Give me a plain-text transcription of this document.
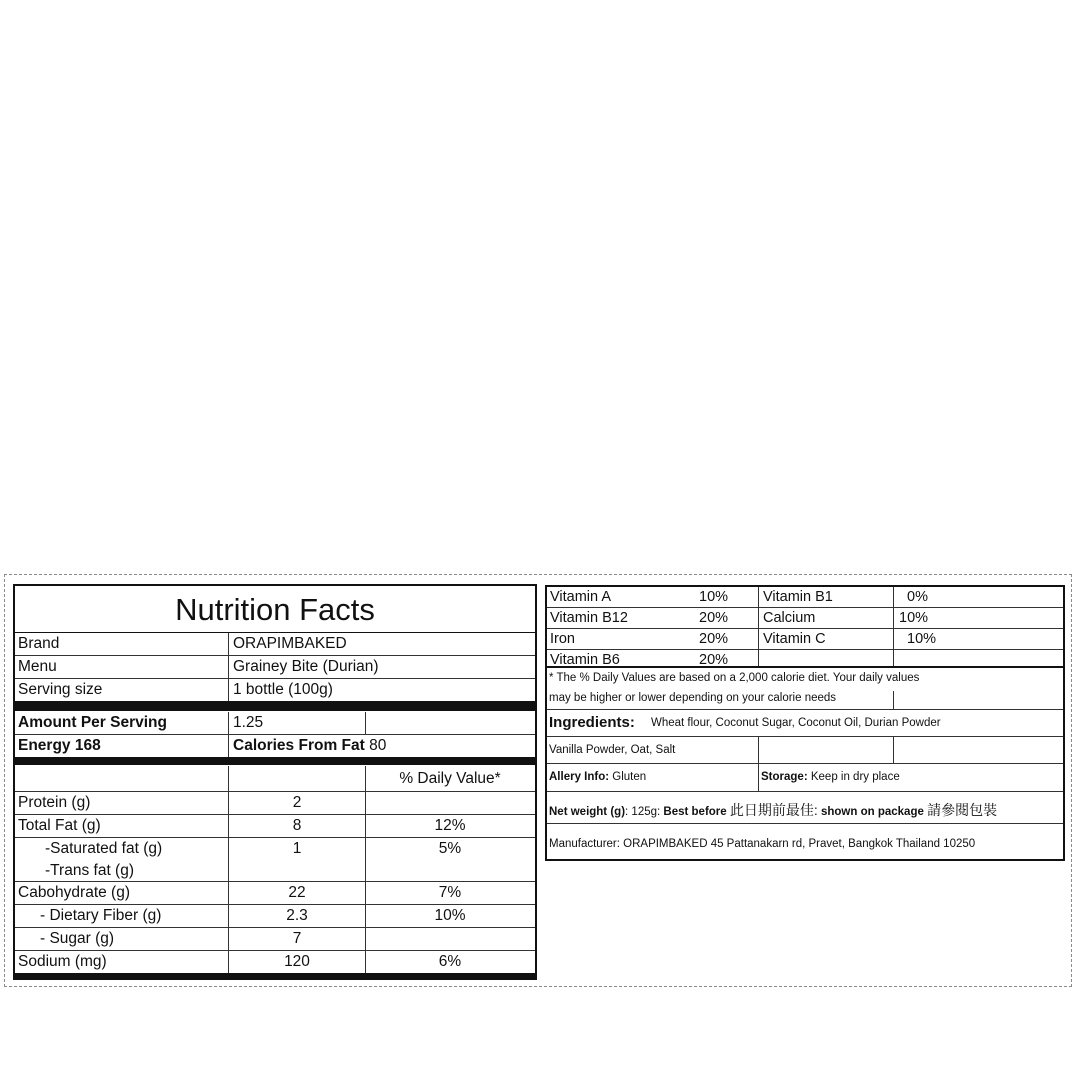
Nutrition Facts
Brand	ORAPIMBAKED
Menu	Grainey Bite (Durian)
Serving size	1 bottle (100g)
Amount Per Serving	1.25
Energy 168	Calories From Fat 80
% Daily Value*
Protein (g)	2
Total Fat (g)	8	12%
-Saturated fat (g)	1	5%
-Trans fat (g)
Cabohydrate (g)	22	7%
- Dietary Fiber (g)	2.3	10%
- Sugar (g)	7
Sodium (mg)	120	6%
Vitamin A	10% Vitamin B1	0%
Vitamin B12	20% Calcium	10%
Iron	20% Vitamin C	10%
Vitamin B6	20%
* The % Daily Values are based on a 2,000 calorie diet. Your daily values
may be higher or lower depending on your calorie needs
Ingredients: Wheat flour, Coconut Sugar, Coconut Oil, Durian Powder
Vanilla Powder, Oat, Salt
Allery Info: Gluten	Storage: Keep in dry place
Net weight (g): 125g: Best before 此日期前最佳: shown on package 請參閱包裝
Manufacturer: ORAPIMBAKED 45 Pattanakarn rd, Pravet, Bangkok Thailand 10250
